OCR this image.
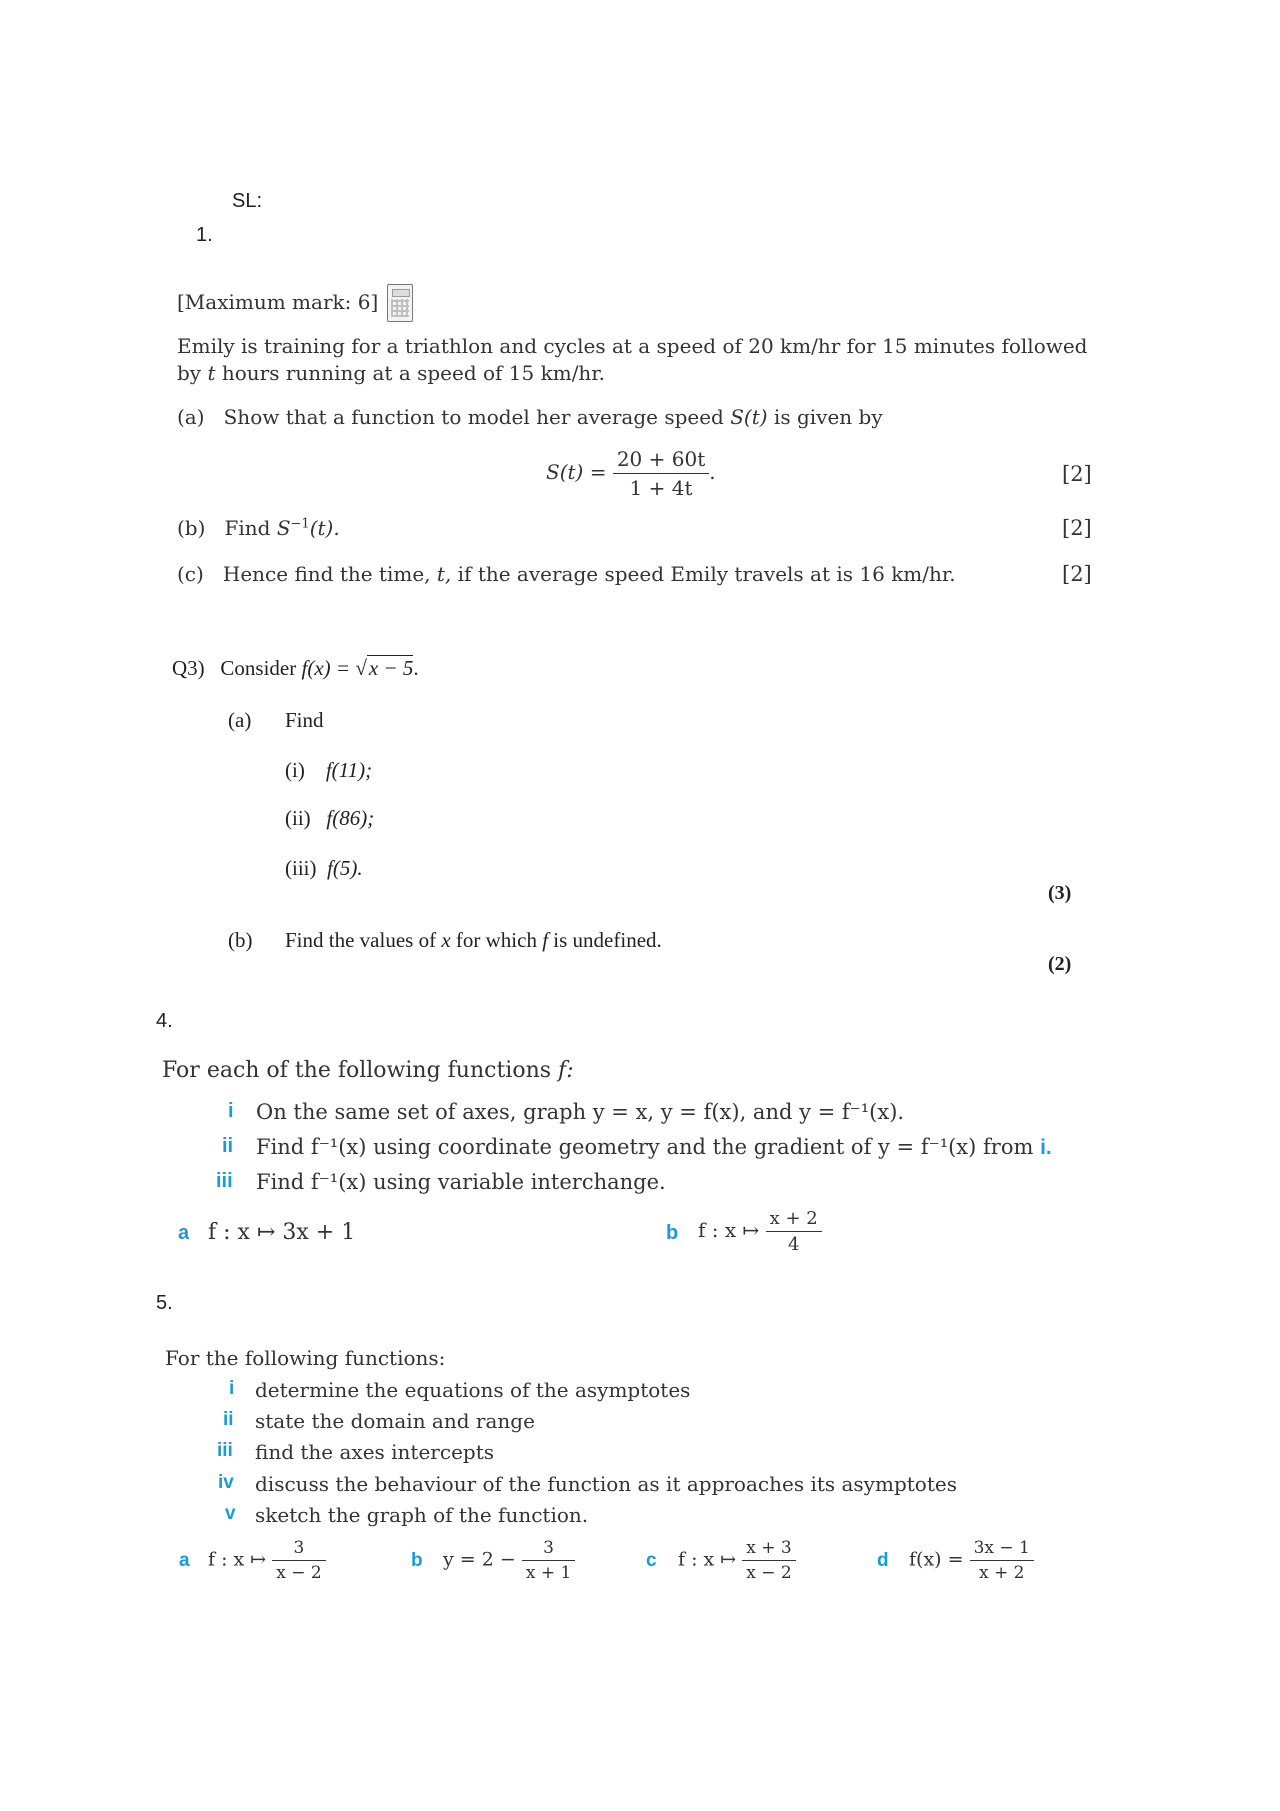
SL:
1.
[Maximum mark: 6]
Emily is training for a triathlon and cycles at a speed of 20 km/hr for 15 minutes followed
by t hours running at a speed of 15 km/hr.
(a) Show that a function to model her average speed S(t) is given by
$S(t) = \frac{20 + 60t}{1 + 4t}$ .	[2]
(b) Find $S^{-1}(t)$.	[2]
(c) Hence find the time, t, if the average speed Emily travels at is 16 km/hr.	[2]
Q3) Consider f(x) = √x − 5.
(a) Find
(i) f(11);
(ii) f(86);
(iii) f(5).
(3)
(b) Find the values of x for which f is undefined.
(2)
4.
For each of the following functions f:
i On the same set of axes, graph y = x, y = f(x), and y = f⁻¹(x).
ii Find f⁻¹(x) using coordinate geometry and the gradient of y = f⁻¹(x) from i.
iii Find f⁻¹(x) using variable interchange.
a f : x ↦ 3x + 1	b f : x ↦ $\frac{x + 2}{4}$
5.
For the following functions:
i determine the equations of the asymptotes
ii state the domain and range
iii find the axes intercepts
iv discuss the behaviour of the function as it approaches its asymptotes
v sketch the graph of the function.
a f : x ↦ $\frac{3}{x - 2}$	b $y = 2 - \frac{3}{x + 1}$	c f : x ↦ $\frac{x + 3}{x - 2}$	d $f(x) = \frac{3x - 1}{x + 2}$
